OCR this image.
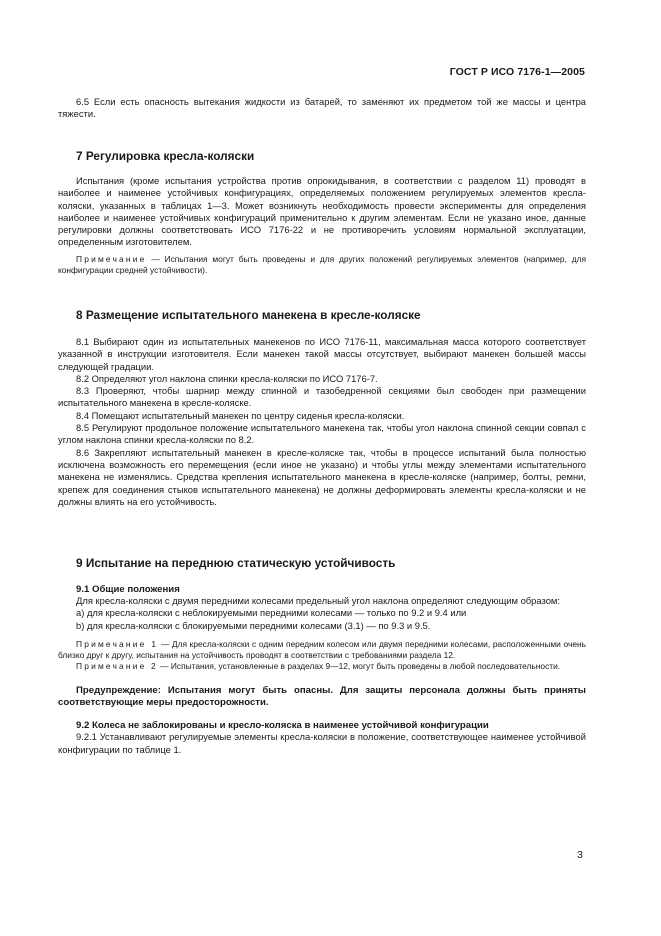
ГОСТ Р ИСО 7176-1—2005

6.5 Если есть опасность вытекания жидкости из батарей, то заменяют их предметом той же массы и центра тяжести.

7 Регулировка кресла-коляски

Испытания (кроме испытания устройства против опрокидывания, в соответствии с разделом 11) проводят в наиболее и наименее устойчивых конфигурациях, определяемых положением регулируемых элементов кресла-коляски, указанных в таблицах 1—3. Может возникнуть необходимость провести эксперименты для определения наиболее и наименее устойчивых конфигураций применительно к другим элементам. Если не указано иное, данные регулировки должны соответствовать ИСО 7176-22 и не противоречить условиям нормальной эксплуатации, определенным изготовителем.

Примечание — Испытания могут быть проведены и для других положений регулируемых элементов (например, для конфигурации средней устойчивости).

8 Размещение испытательного манекена в кресле-коляске

8.1 Выбирают один из испытательных манекенов по ИСО 7176-11, максимальная масса которого соответствует указанной в инструкции изготовителя. Если манекен такой массы отсутствует, выбирают манекен большей массы следующей градации.

8.2 Определяют угол наклона спинки кресла-коляски по ИСО 7176-7.

8.3 Проверяют, чтобы шарнир между спинной и тазобедренной секциями был свободен при размещении испытательного манекена в кресле-коляске.

8.4 Помещают испытательный манекен по центру сиденья кресла-коляски.

8.5 Регулируют продольное положение испытательного манекена так, чтобы угол наклона спинной секции совпал с углом наклона спинки кресла-коляски по 8.2.

8.6 Закрепляют испытательный манекен в кресле-коляске так, чтобы в процессе испытаний была полностью исключена возможность его перемещения (если иное не указано) и чтобы углы между элементами испытательного манекена не изменялись. Средства крепления испытательного манекена в кресле-коляске (например, болты, ремни, крепеж для соединения стыков испытательного манекена) не должны деформировать элементы кресла-коляски и не должны влиять на его устойчивость.

9 Испытание на переднюю статическую устойчивость
9.1 Общие положения

Для кресла-коляски с двумя передними колесами предельный угол наклона определяют следующим образом:

a) для кресла-коляски с неблокируемыми передними колесами — только по 9.2 и 9.4 или

b) для кресла-коляски с блокируемыми передними колесами (3.1) — по 9.3 и 9.5.

Примечание 1 — Для кресла-коляски с одним передним колесом или двумя передними колесами, расположенными очень близко друг к другу, испытания на устойчивость проводят в соответствии с требованиями раздела 12.

Примечание 2 — Испытания, установленные в разделах 9—12, могут быть проведены в любой последовательности.

Предупреждение: Испытания могут быть опасны. Для защиты персонала должны быть приняты соответствующие меры предосторожности.

9.2 Колеса не заблокированы и кресло-коляска в наименее устойчивой конфигурации

9.2.1 Устанавливают регулируемые элементы кресла-коляски в положение, соответствующее наименее устойчивой конфигурации по таблице 1.

3
